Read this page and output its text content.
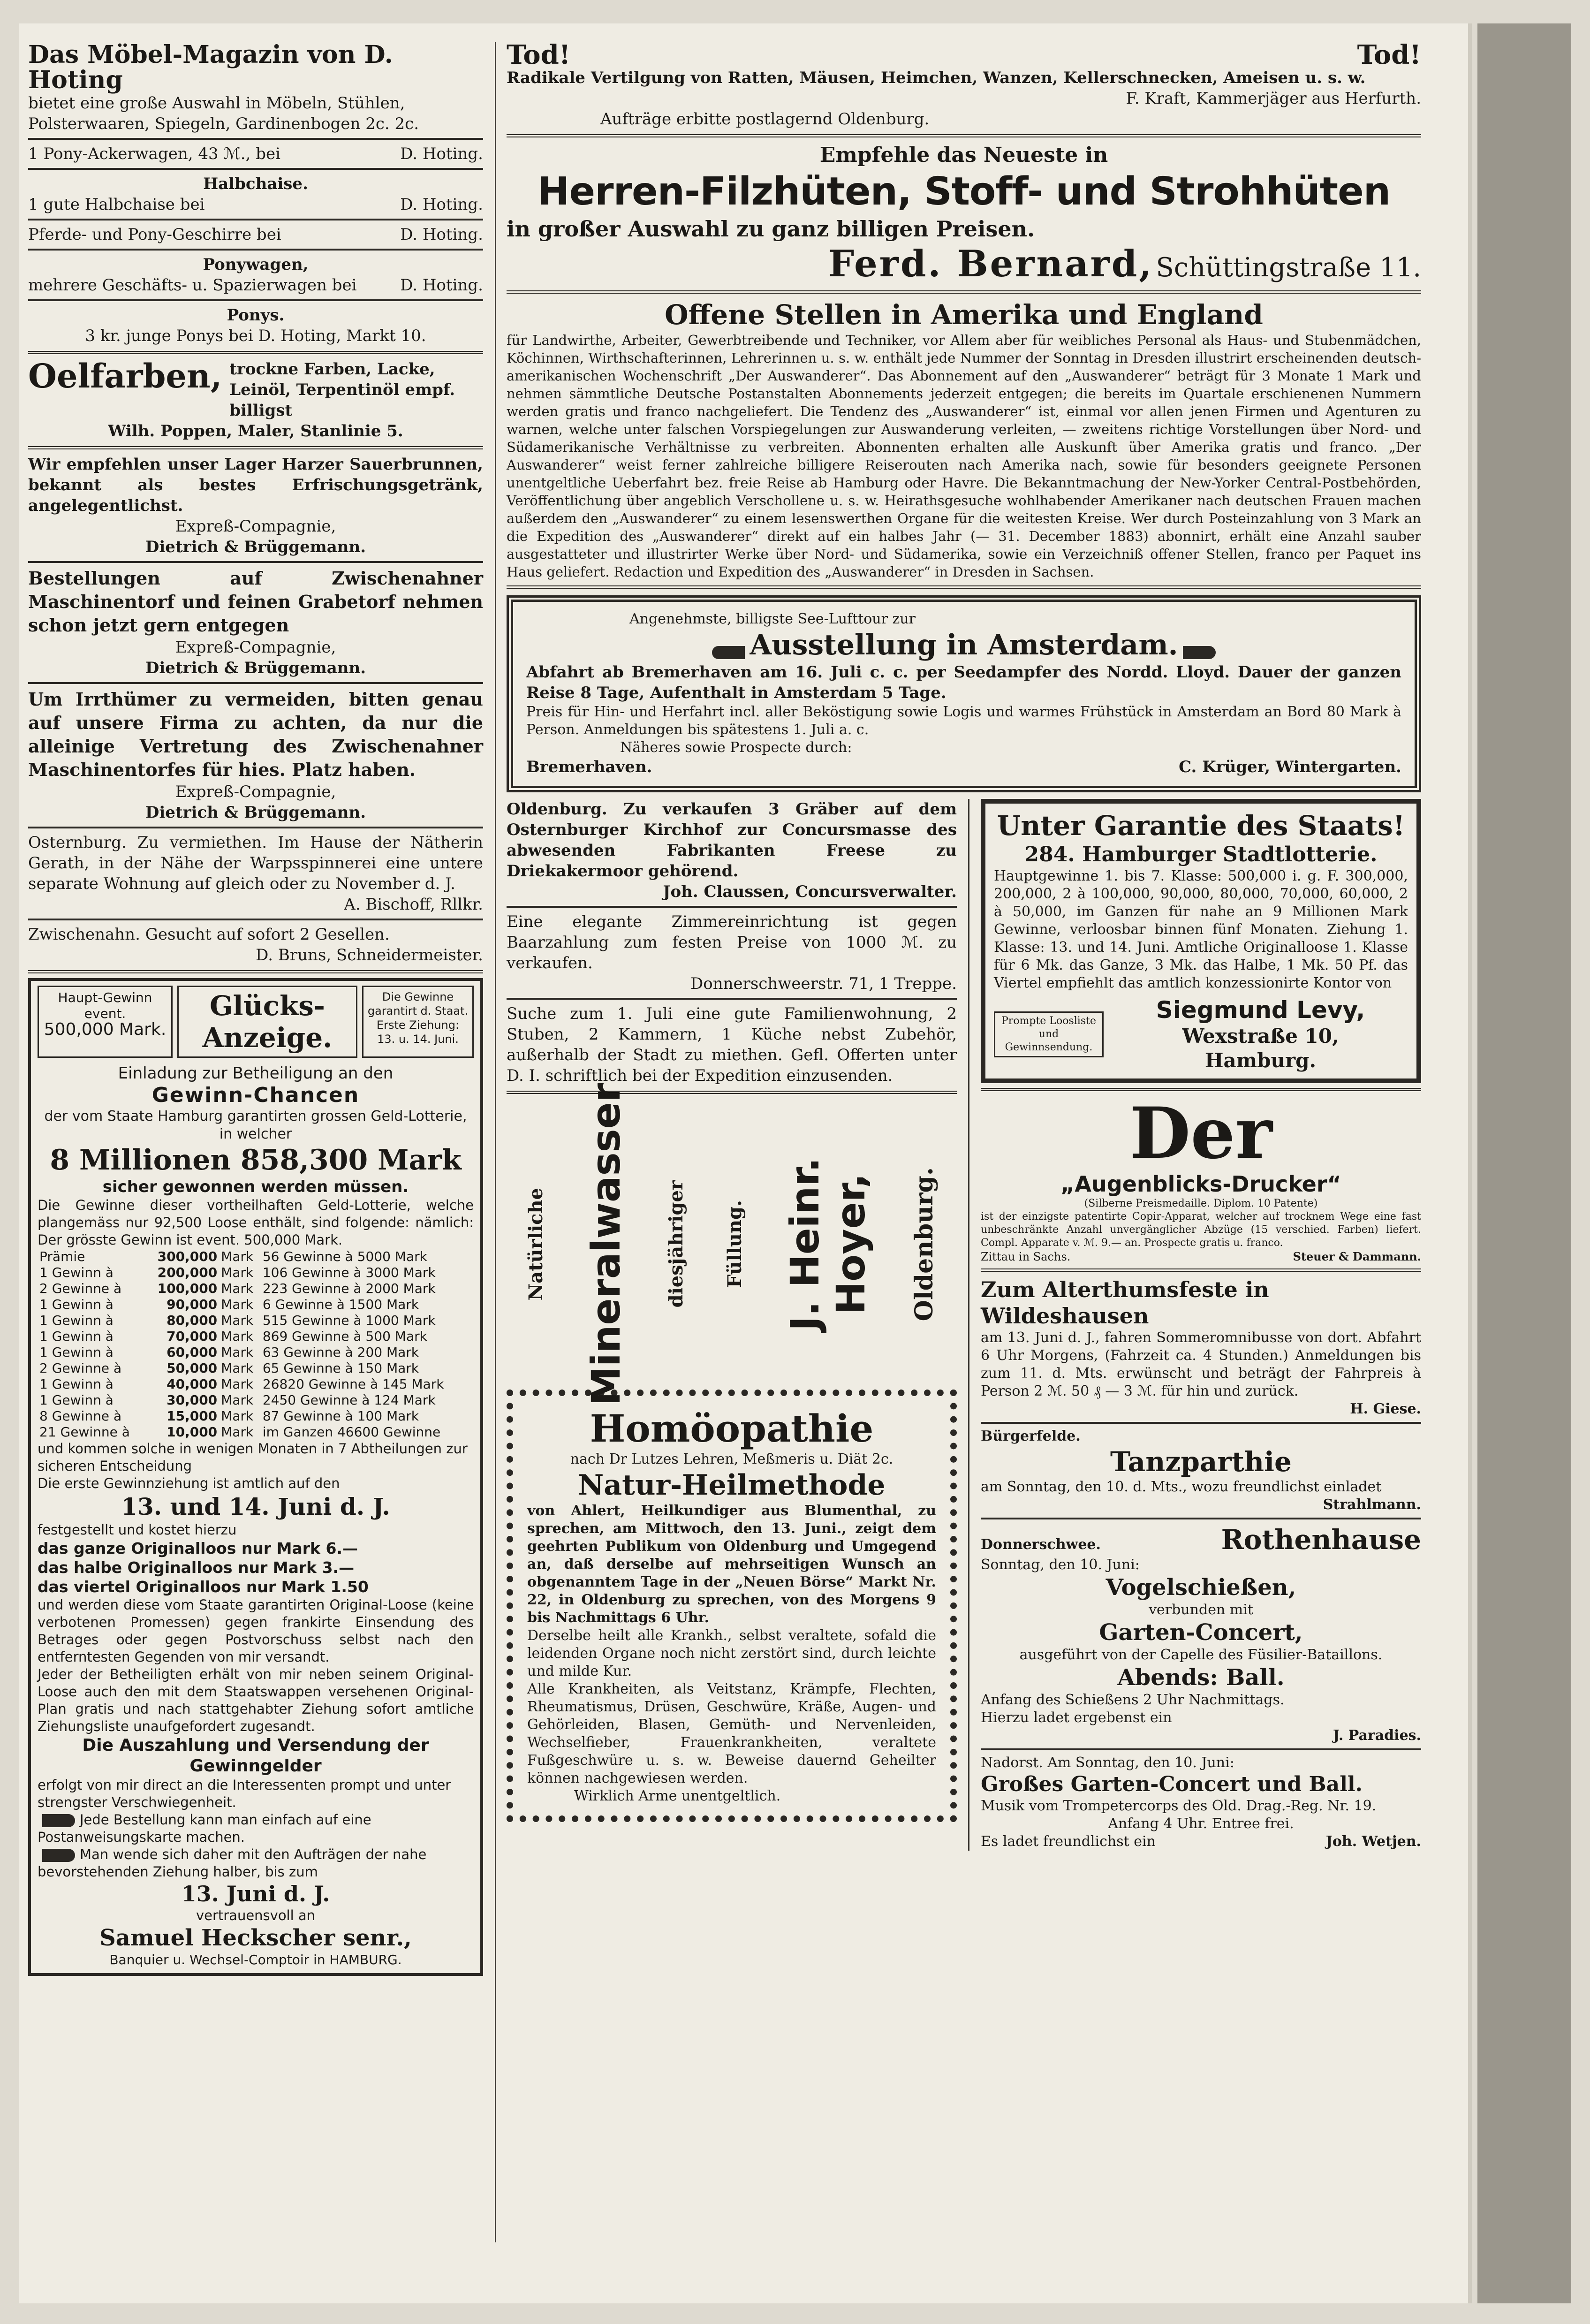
Das Möbel-Magazin von D. Hoting
bietet eine große Auswahl in Möbeln, Stühlen, Polsterwaaren, Spiegeln, Gardinenbogen 2c. 2c.
1 Pony-Ackerwagen, 43 ℳ., bei	D. Hoting.
Halbchaise.
1 gute Halbchaise bei	D. Hoting.
Pferde- und Pony-Geschirre bei	D. Hoting.
Ponywagen,
mehrere Geschäfts- u. Spazierwagen bei	D. Hoting.
Ponys.
3 kr. junge Ponys bei D. Hoting, Markt 10.
Oelfarben, trockne Farben, Lacke, Leinöl, Terpentinöl empf. billigst
Wilh. Poppen, Maler, Stanlinie 5.
Wir empfehlen unser Lager Harzer Sauerbrunnen, bekannt als bestes Erfrischungsgetränk, angelegentlichst.
Expreß-Compagnie,
Dietrich & Brüggemann.
Bestellungen auf Zwischenahner Maschinentorf und feinen Grabetorf nehmen schon jetzt gern entgegen
Expreß-Compagnie,
Dietrich & Brüggemann.
Um Irrthümer zu vermeiden, bitten genau auf unsere Firma zu achten, da nur die alleinige Vertretung des Zwischenahner Maschinentorfes für hies. Platz haben.
Expreß-Compagnie,
Dietrich & Brüggemann.
Osternburg. Zu vermiethen. Im Hause der Nätherin Gerath, in der Nähe der Warpsspinnerei eine untere separate Wohnung auf gleich oder zu November d. J.
A. Bischoff, Rllkr.
Zwischenahn. Gesucht auf sofort 2 Gesellen.
D. Bruns, Schneidermeister.
Haupt-Gewinn
event.
500,000 Mark.
Glücks-Anzeige.
Die Gewinne
garantirt d. Staat.
Erste Ziehung:
13. u. 14. Juni.
Einladung zur Betheiligung an den
Gewinn-Chancen
der vom Staate Hamburg garantirten grossen Geld-Lotterie, in welcher
8 Millionen 858,300 Mark
sicher gewonnen werden müssen.
Die Gewinne dieser vortheilhaften Geld-Lotterie, welche plangemäss nur 92,500 Loose enthält, sind folgende: nämlich: Der grösste Gewinn ist event. 500,000 Mark.
Prämie	300,000	Mark	56 Gewinne à 5000 Mark
1 Gewinn à	200,000	Mark	106 Gewinne à 3000 Mark
2 Gewinne à	100,000	Mark	223 Gewinne à 2000 Mark
1 Gewinn à	90,000	Mark	6 Gewinne à 1500 Mark
1 Gewinn à	80,000	Mark	515 Gewinne à 1000 Mark
1 Gewinn à	70,000	Mark	869 Gewinne à 500 Mark
1 Gewinn à	60,000	Mark	63 Gewinne à 200 Mark
2 Gewinne à	50,000	Mark	65 Gewinne à 150 Mark
1 Gewinn à	40,000	Mark	26820 Gewinne à 145 Mark
1 Gewinn à	30,000	Mark	2450 Gewinne à 124 Mark
8 Gewinne à	15,000	Mark	87 Gewinne à 100 Mark
21 Gewinne à	10,000	Mark	im Ganzen 46600 Gewinne
und kommen solche in wenigen Monaten in 7 Abtheilungen zur sicheren Entscheidung
Die erste Gewinnziehung ist amtlich auf den
13. und 14. Juni d. J.
festgestellt und kostet hierzu
das ganze Originalloos nur Mark 6.—
das halbe Originalloos nur Mark 3.—
das viertel Originalloos nur Mark 1.50
und werden diese vom Staate garantirten Original-Loose (keine verbotenen Promessen) gegen frankirte Einsendung des Betrages oder gegen Postvorschuss selbst nach den entferntesten Gegenden von mir versandt.
Jeder der Betheiligten erhält von mir neben seinem Original-Loose auch den mit dem Staatswappen versehenen Original-Plan gratis und nach stattgehabter Ziehung sofort amtliche Ziehungsliste unaufgefordert zugesandt.
Die Auszahlung und Versendung der Gewinngelder
erfolgt von mir direct an die Interessenten prompt und unter strengster Verschwiegenheit.
Jede Bestellung kann man einfach auf eine Postanweisungskarte machen.
Man wende sich daher mit den Aufträgen der nahe bevorstehenden Ziehung halber, bis zum
13. Juni d. J.
vertrauensvoll an
Samuel Heckscher senr.,
Banquier u. Wechsel-Comptoir in HAMBURG.
Tod!	Tod!
Radikale Vertilgung von Ratten, Mäusen, Heimchen, Wanzen, Kellerschnecken, Ameisen u. s. w.
F. Kraft, Kammerjäger aus Herfurth.
Aufträge erbitte postlagernd Oldenburg.
Empfehle das Neueste in
Herren-Filzhüten, Stoff- und Strohhüten
in großer Auswahl zu ganz billigen Preisen.
Ferd. Bernard, Schüttingstraße 11.
Offene Stellen in Amerika und England
für Landwirthe, Arbeiter, Gewerbtreibende und Techniker, vor Allem aber für weibliches Personal als Haus- und Stubenmädchen, Köchinnen, Wirthschafterinnen, Lehrerinnen u. s. w. enthält jede Nummer der Sonntag in Dresden illustrirt erscheinenden deutsch-amerikanischen Wochenschrift „Der Auswanderer“. Das Abonnement auf den „Auswanderer“ beträgt für 3 Monate 1 Mark und nehmen sämmtliche Deutsche Postanstalten Abonnements jederzeit entgegen; die bereits im Quartale erschienenen Nummern werden gratis und franco nachgeliefert. Die Tendenz des „Auswanderer“ ist, einmal vor allen jenen Firmen und Agenturen zu warnen, welche unter falschen Vorspiegelungen zur Auswanderung verleiten, — zweitens richtige Vorstellungen über Nord- und Südamerikanische Verhältnisse zu verbreiten. Abonnenten erhalten alle Auskunft über Amerika gratis und franco. „Der Auswanderer“ weist ferner zahlreiche billigere Reiserouten nach Amerika nach, sowie für besonders geeignete Personen unentgeltliche Ueberfahrt bez. freie Reise ab Hamburg oder Havre. Die Bekanntmachung der New-Yorker Central-Postbehörden, Veröffentlichung über angeblich Verschollene u. s. w. Heirathsgesuche wohlhabender Amerikaner nach deutschen Frauen machen außerdem den „Auswanderer“ zu einem lesenswerthen Organe für die weitesten Kreise. Wer durch Posteinzahlung von 3 Mark an die Expedition des „Auswanderer“ direkt auf ein halbes Jahr (— 31. December 1883) abonnirt, erhält eine Anzahl sauber ausgestatteter und illustrirter Werke über Nord- und Südamerika, sowie ein Verzeichniß offener Stellen, franco per Paquet ins Haus geliefert. Redaction und Expedition des „Auswanderer“ in Dresden in Sachsen.
Angenehmste, billigste See-Lufttour zur
Ausstellung in Amsterdam.
Abfahrt ab Bremerhaven am 16. Juli c. c. per Seedampfer des Nordd. Lloyd. Dauer der ganzen Reise 8 Tage, Aufenthalt in Amsterdam 5 Tage.
Preis für Hin- und Herfahrt incl. aller Beköstigung sowie Logis und warmes Frühstück in Amsterdam an Bord 80 Mark à Person. Anmeldungen bis spätestens 1. Juli a. c.
Näheres sowie Prospecte durch:
Bremerhaven.	C. Krüger, Wintergarten.
Oldenburg. Zu verkaufen 3 Gräber auf dem Osternburger Kirchhof zur Concursmasse des abwesenden Fabrikanten Freese zu Driekakermoor gehörend.
Joh. Claussen, Concursverwalter.
Eine elegante Zimmereinrichtung ist gegen Baarzahlung zum festen Preise von 1000 ℳ. zu verkaufen.
Donnerschweerstr. 71, 1 Treppe.
Suche zum 1. Juli eine gute Familienwohnung, 2 Stuben, 2 Kammern, 1 Küche nebst Zubehör, außerhalb der Stadt zu miethen. Gefl. Offerten unter D. I. schriftlich bei der Expedition einzusenden.
Natürliche Mineralwasser diesjähriger Füllung. J. Heinr. Hoyer, Oldenburg.
Homöopathie
nach Dr Lutzes Lehren, Meßmeris u. Diät 2c.
Natur-Heilmethode
von Ahlert, Heilkundiger aus Blumenthal, zu sprechen, am Mittwoch, den 13. Juni., zeigt dem geehrten Publikum von Oldenburg und Umgegend an, daß derselbe auf mehrseitigen Wunsch an obgenanntem Tage in der „Neuen Börse“ Markt Nr. 22, in Oldenburg zu sprechen, von des Morgens 9 bis Nachmittags 6 Uhr.
Derselbe heilt alle Krankh., selbst veraltete, sofald die leidenden Organe noch nicht zerstört sind, durch leichte und milde Kur.
Alle Krankheiten, als Veitstanz, Krämpfe, Flechten, Rheumatismus, Drüsen, Geschwüre, Kräße, Augen- und Gehörleiden, Blasen, Gemüth- und Nervenleiden, Wechselfieber, Frauenkrankheiten, veraltete Fußgeschwüre u. s. w. Beweise dauernd Geheilter können nachgewiesen werden.
Wirklich Arme unentgeltlich.
Unter Garantie des Staats!
284. Hamburger Stadtlotterie.
Hauptgewinne 1. bis 7. Klasse: 500,000 i. g. F. 300,000, 200,000, 2 à 100,000, 90,000, 80,000, 70,000, 60,000, 2 à 50,000, im Ganzen für nahe an 9 Millionen Mark Gewinne, verloosbar binnen fünf Monaten. Ziehung 1. Klasse: 13. und 14. Juni. Amtliche Originalloose 1. Klasse für 6 Mk. das Ganze, 3 Mk. das Halbe, 1 Mk. 50 Pf. das Viertel empfiehlt das amtlich konzessionirte Kontor von
Prompte Loosliste und Gewinnsendung.
Siegmund Levy,
Wexstraße 10,
Hamburg.
Der
„Augenblicks-Drucker“
(Silberne Preismedaille. Diplom. 10 Patente)
ist der einzigste patentirte Copir-Apparat, welcher auf trocknem Wege eine fast unbeschränkte Anzahl unvergänglicher Abzüge (15 verschied. Farben) liefert. Compl. Apparate v. ℳ. 9.— an. Prospecte gratis u. franco.
Zittau in Sachs.	Steuer & Dammann.
Zum Alterthumsfeste in Wildeshausen
am 13. Juni d. J., fahren Sommeromnibusse von dort. Abfahrt 6 Uhr Morgens, (Fahrzeit ca. 4 Stunden.) Anmeldungen bis zum 11. d. Mts. erwünscht und beträgt der Fahrpreis à Person 2 ℳ. 50 ₰ — 3 ℳ. für hin und zurück.
H. Giese.
Bürgerfelde.
Tanzparthie
am Sonntag, den 10. d. Mts., wozu freundlichst einladet
Strahlmann.
Donnerschwee.	Rothenhause
Sonntag, den 10. Juni:
Vogelschießen,
verbunden mit
Garten-Concert,
ausgeführt von der Capelle des Füsilier-Bataillons.
Abends: Ball.
Anfang des Schießens 2 Uhr Nachmittags.
Hierzu ladet ergebenst ein
J. Paradies.
Nadorst. Am Sonntag, den 10. Juni:
Großes Garten-Concert und Ball.
Musik vom Trompetercorps des Old. Drag.-Reg. Nr. 19.
Anfang 4 Uhr. Entree frei.
Es ladet freundlichst ein	Joh. Wetjen.
